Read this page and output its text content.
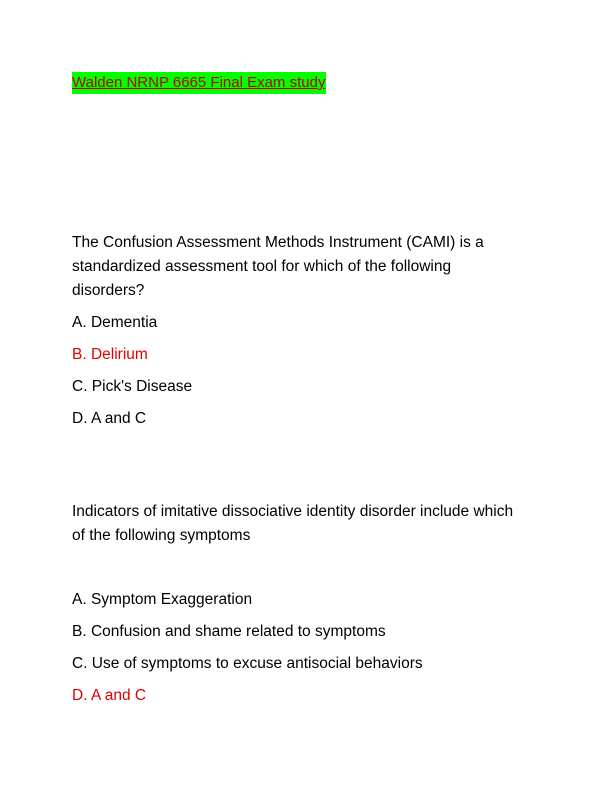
Walden NRNP 6665 Final Exam study
The Confusion Assessment Methods Instrument (CAMI) is a standardized assessment tool for which of the following disorders?
A. Dementia
B. Delirium
C. Pick's Disease
D. A and C
Indicators of imitative dissociative identity disorder include which of the following symptoms
A. Symptom Exaggeration
B. Confusion and shame related to symptoms
C. Use of symptoms to excuse antisocial behaviors
D. A and C
